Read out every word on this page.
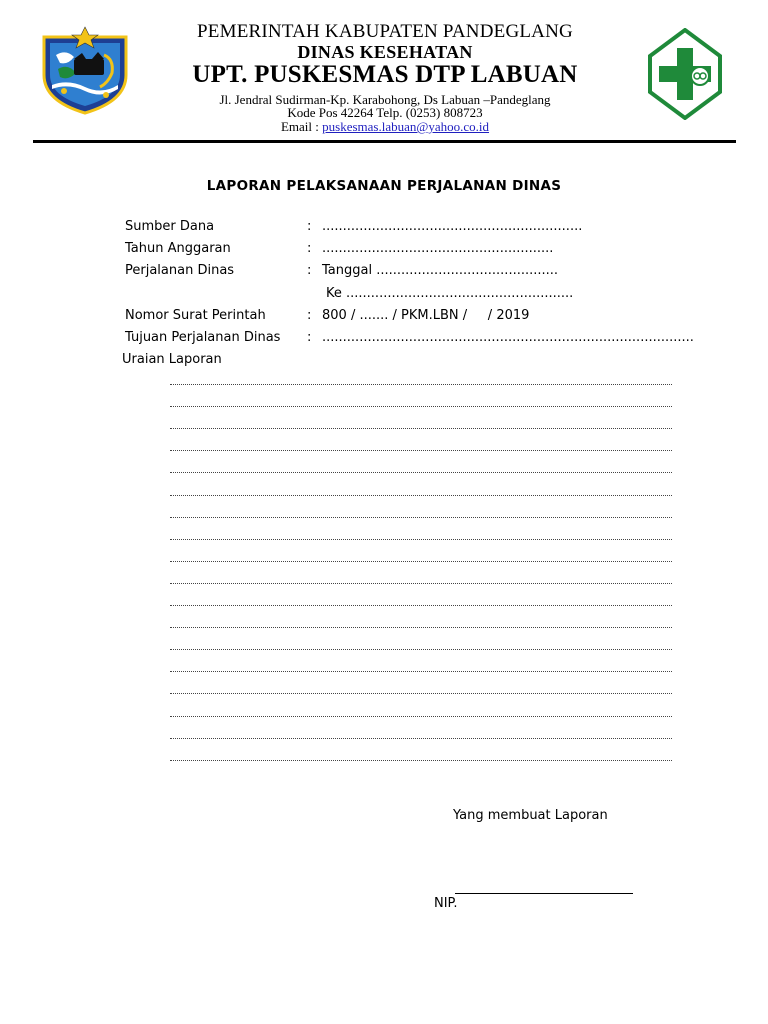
PEMERINTAH KABUPATEN PANDEGLANG
DINAS KESEHATAN
UPT. PUSKESMAS DTP LABUAN
Jl. Jendral Sudirman-Kp. Karabohong, Ds Labuan –Pandeglang
Kode Pos 42264 Telp. (0253) 808723
Email : puskesmas.labuan@yahoo.co.id
LAPORAN PELAKSANAAN PERJALANAN DINAS
Sumber Dana	: ...............................................................
Tahun Anggaran	: ........................................................
Perjalanan Dinas	: Tanggal ............................................
Ke .......................................................
Nomor Surat Perintah	: 800 / ....... / PKM.LBN /     / 2019
Tujuan Perjalanan Dinas : ..........................................................................................
Uraian Laporan
Yang membuat Laporan
NIP.
